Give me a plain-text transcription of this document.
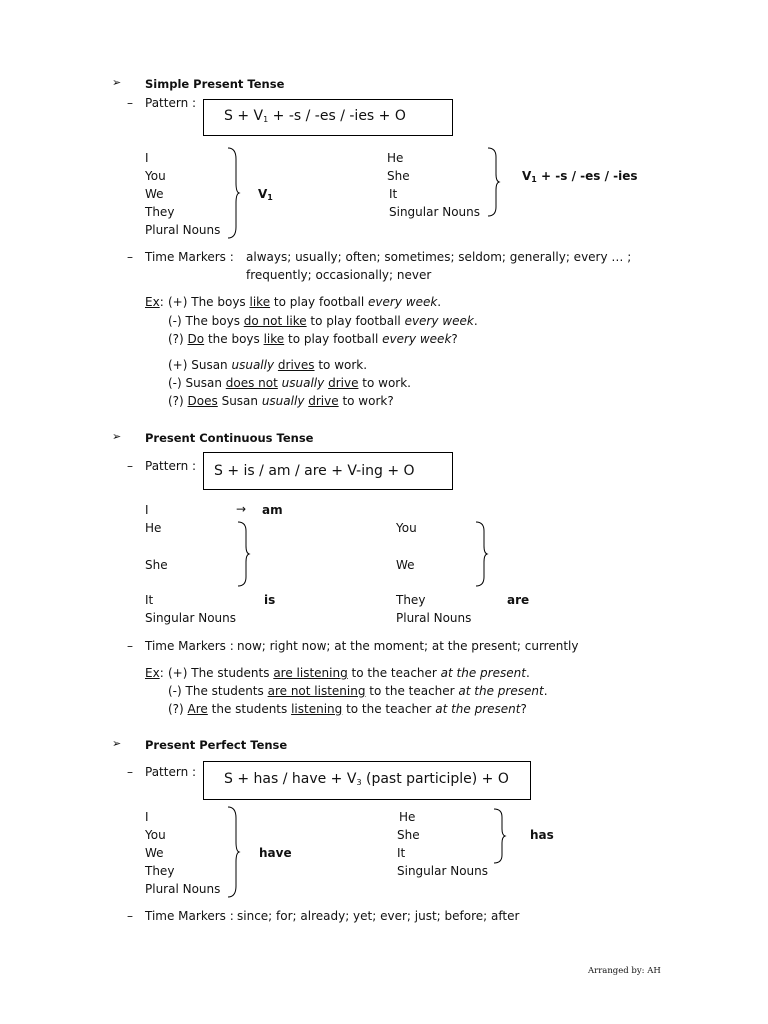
➢ Simple Present Tense
– Pattern :
$S + V_1 + -s / -es / -ies + O$
I
You
We
They
Plural Nouns
$V_1$
He
She
It
Singular Nouns
$V_1 + -s / -es / -ies$
– Time Markers : always; usually; often; sometimes; seldom; generally; every … ;
frequently; occasionally; never
Ex: (+) The boys like to play football every week.
(-) The boys do not like to play football every week.
(?) Do the boys like to play football every week?
(+) Susan usually drives to work.
(-) Susan does not usually drive to work.
(?) Does Susan usually drive to work?
➢ Present Continuous Tense
– Pattern :	S + is / am / are + V-ing + O
I	→ am
He
She
It
Singular Nouns
is
You
We
They
Plural Nouns
are
– Time Markers : now; right now; at the moment; at the present; currently
Ex: (+) The students are listening to the teacher at the present.
(-) The students are not listening to the teacher at the present.
(?) Are the students listening to the teacher at the present?
➢ Present Perfect Tense
– Pattern :	S + has / have + $V_3$ (past participle) + O
I
You
We
They
Plural Nouns
have
He
She
It
Singular Nouns
has
– Time Markers : since; for; already; yet; ever; just; before; after
Arranged by: AH
